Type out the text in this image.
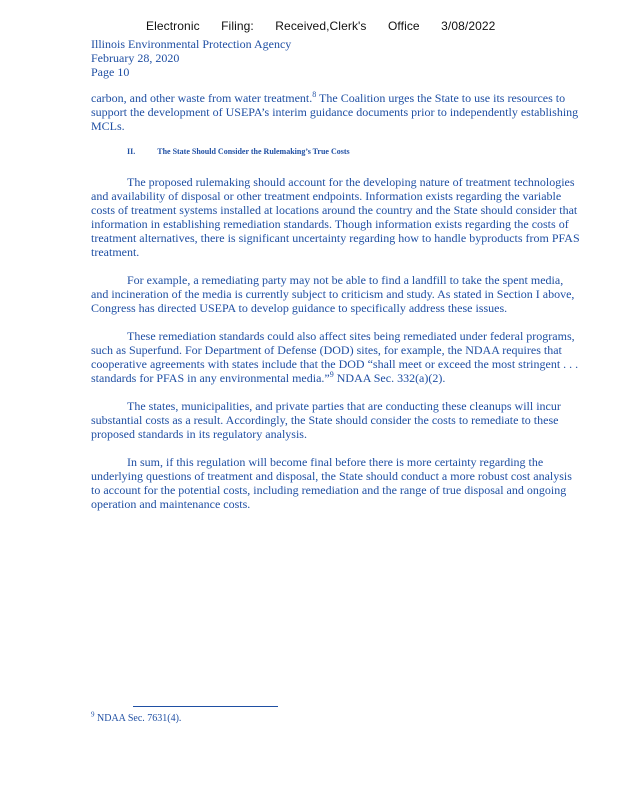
Electronic Filing: Received,Clerk's Office 3/08/2022
Illinois Environmental Protection Agency
February 28, 2020
Page 10

carbon, and other waste from water treatment.$^8$ The Coalition urges the State to use its resources to support the development of USEPA’s interim guidance documents prior to independently establishing MCLs.

II.	The State Should Consider the Rulemaking’s True Costs

The proposed rulemaking should account for the developing nature of treatment technologies and availability of disposal or other treatment endpoints. Information exists regarding the variable costs of treatment systems installed at locations around the country and the State should consider that information in establishing remediation standards. Though information exists regarding the costs of treatment alternatives, there is significant uncertainty regarding how to handle byproducts from PFAS treatment.

For example, a remediating party may not be able to find a landfill to take the spent media, and incineration of the media is currently subject to criticism and study. As stated in Section I above, Congress has directed USEPA to develop guidance to specifically address these issues.

These remediation standards could also affect sites being remediated under federal programs, such as Superfund. For Department of Defense (DOD) sites, for example, the NDAA requires that cooperative agreements with states include that the DOD “shall meet or exceed the most stringent . . . standards for PFAS in any environmental media.”$^9$ NDAA Sec. 332(a)(2).

The states, municipalities, and private parties that are conducting these cleanups will incur substantial costs as a result. Accordingly, the State should consider the costs to remediate to these proposed standards in its regulatory analysis.

In sum, if this regulation will become final before there is more certainty regarding the underlying questions of treatment and disposal, the State should conduct a more robust cost analysis to account for the potential costs, including remediation and the range of true disposal and ongoing operation and maintenance costs.

$^9$ NDAA Sec. 7631(4).
